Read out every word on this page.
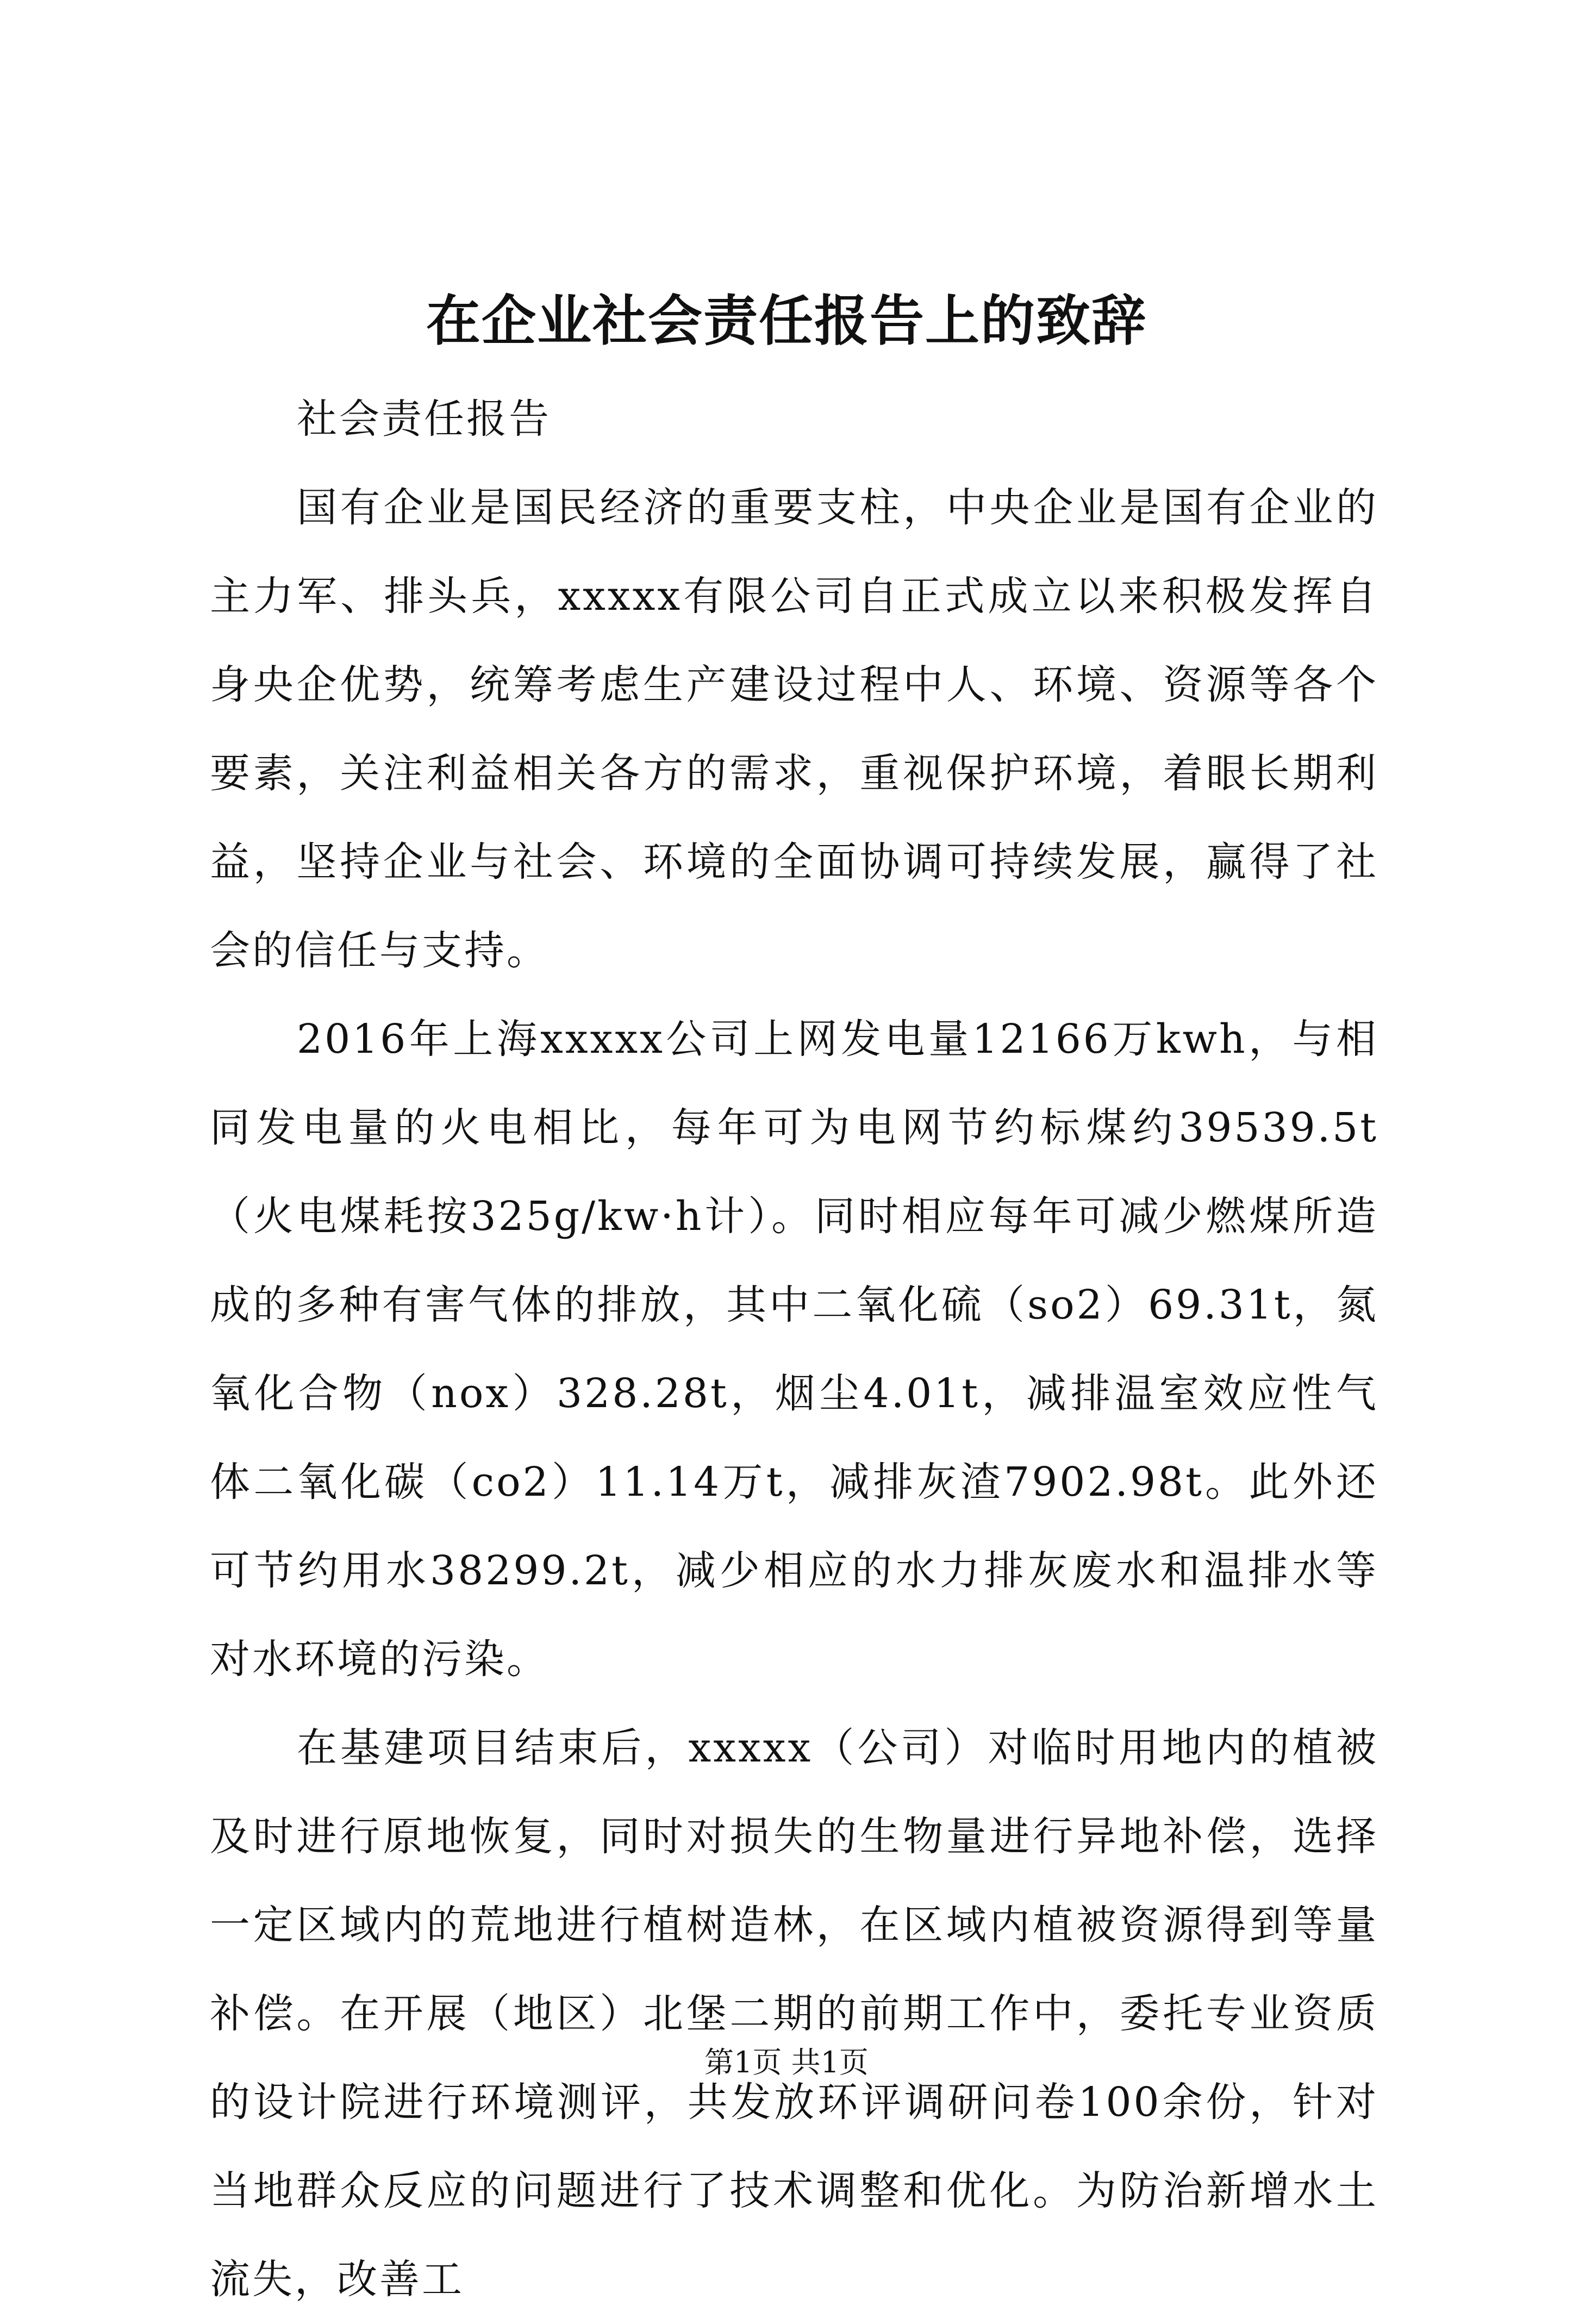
在企业社会责任报告上的致辞

社会责任报告

国有企业是国民经济的重要支柱，中央企业是国有企业的主力军、排头兵，xxxxx有限公司自正式成立以来积极发挥自身央企优势，统筹考虑生产建设过程中人、环境、资源等各个要素，关注利益相关各方的需求，重视保护环境，着眼长期利益，坚持企业与社会、环境的全面协调可持续发展，赢得了社会的信任与支持。

2016年上海xxxxx公司上网发电量12166万kwh，与相同发电量的火电相比，每年可为电网节约标煤约39539.5t（火电煤耗按325g/kw·h计）。同时相应每年可减少燃煤所造成的多种有害气体的排放，其中二氧化硫（so2）69.31t，氮氧化合物（nox）328.28t，烟尘4.01t，减排温室效应性气体二氧化碳（co2）11.14万t，减排灰渣7902.98t。此外还可节约用水38299.2t，减少相应的水力排灰废水和温排水等对水环境的污染。

在基建项目结束后，xxxxx（公司）对临时用地内的植被及时进行原地恢复，同时对损失的生物量进行异地补偿，选择一定区域内的荒地进行植树造林，在区域内植被资源得到等量补偿。在开展（地区）北堡二期的前期工作中，委托专业资质的设计院进行环境测评，共发放环评调研问卷100余份，针对当地群众反应的问题进行了技术调整和优化。为防治新增水土流失，改善工

第1页 共1页
